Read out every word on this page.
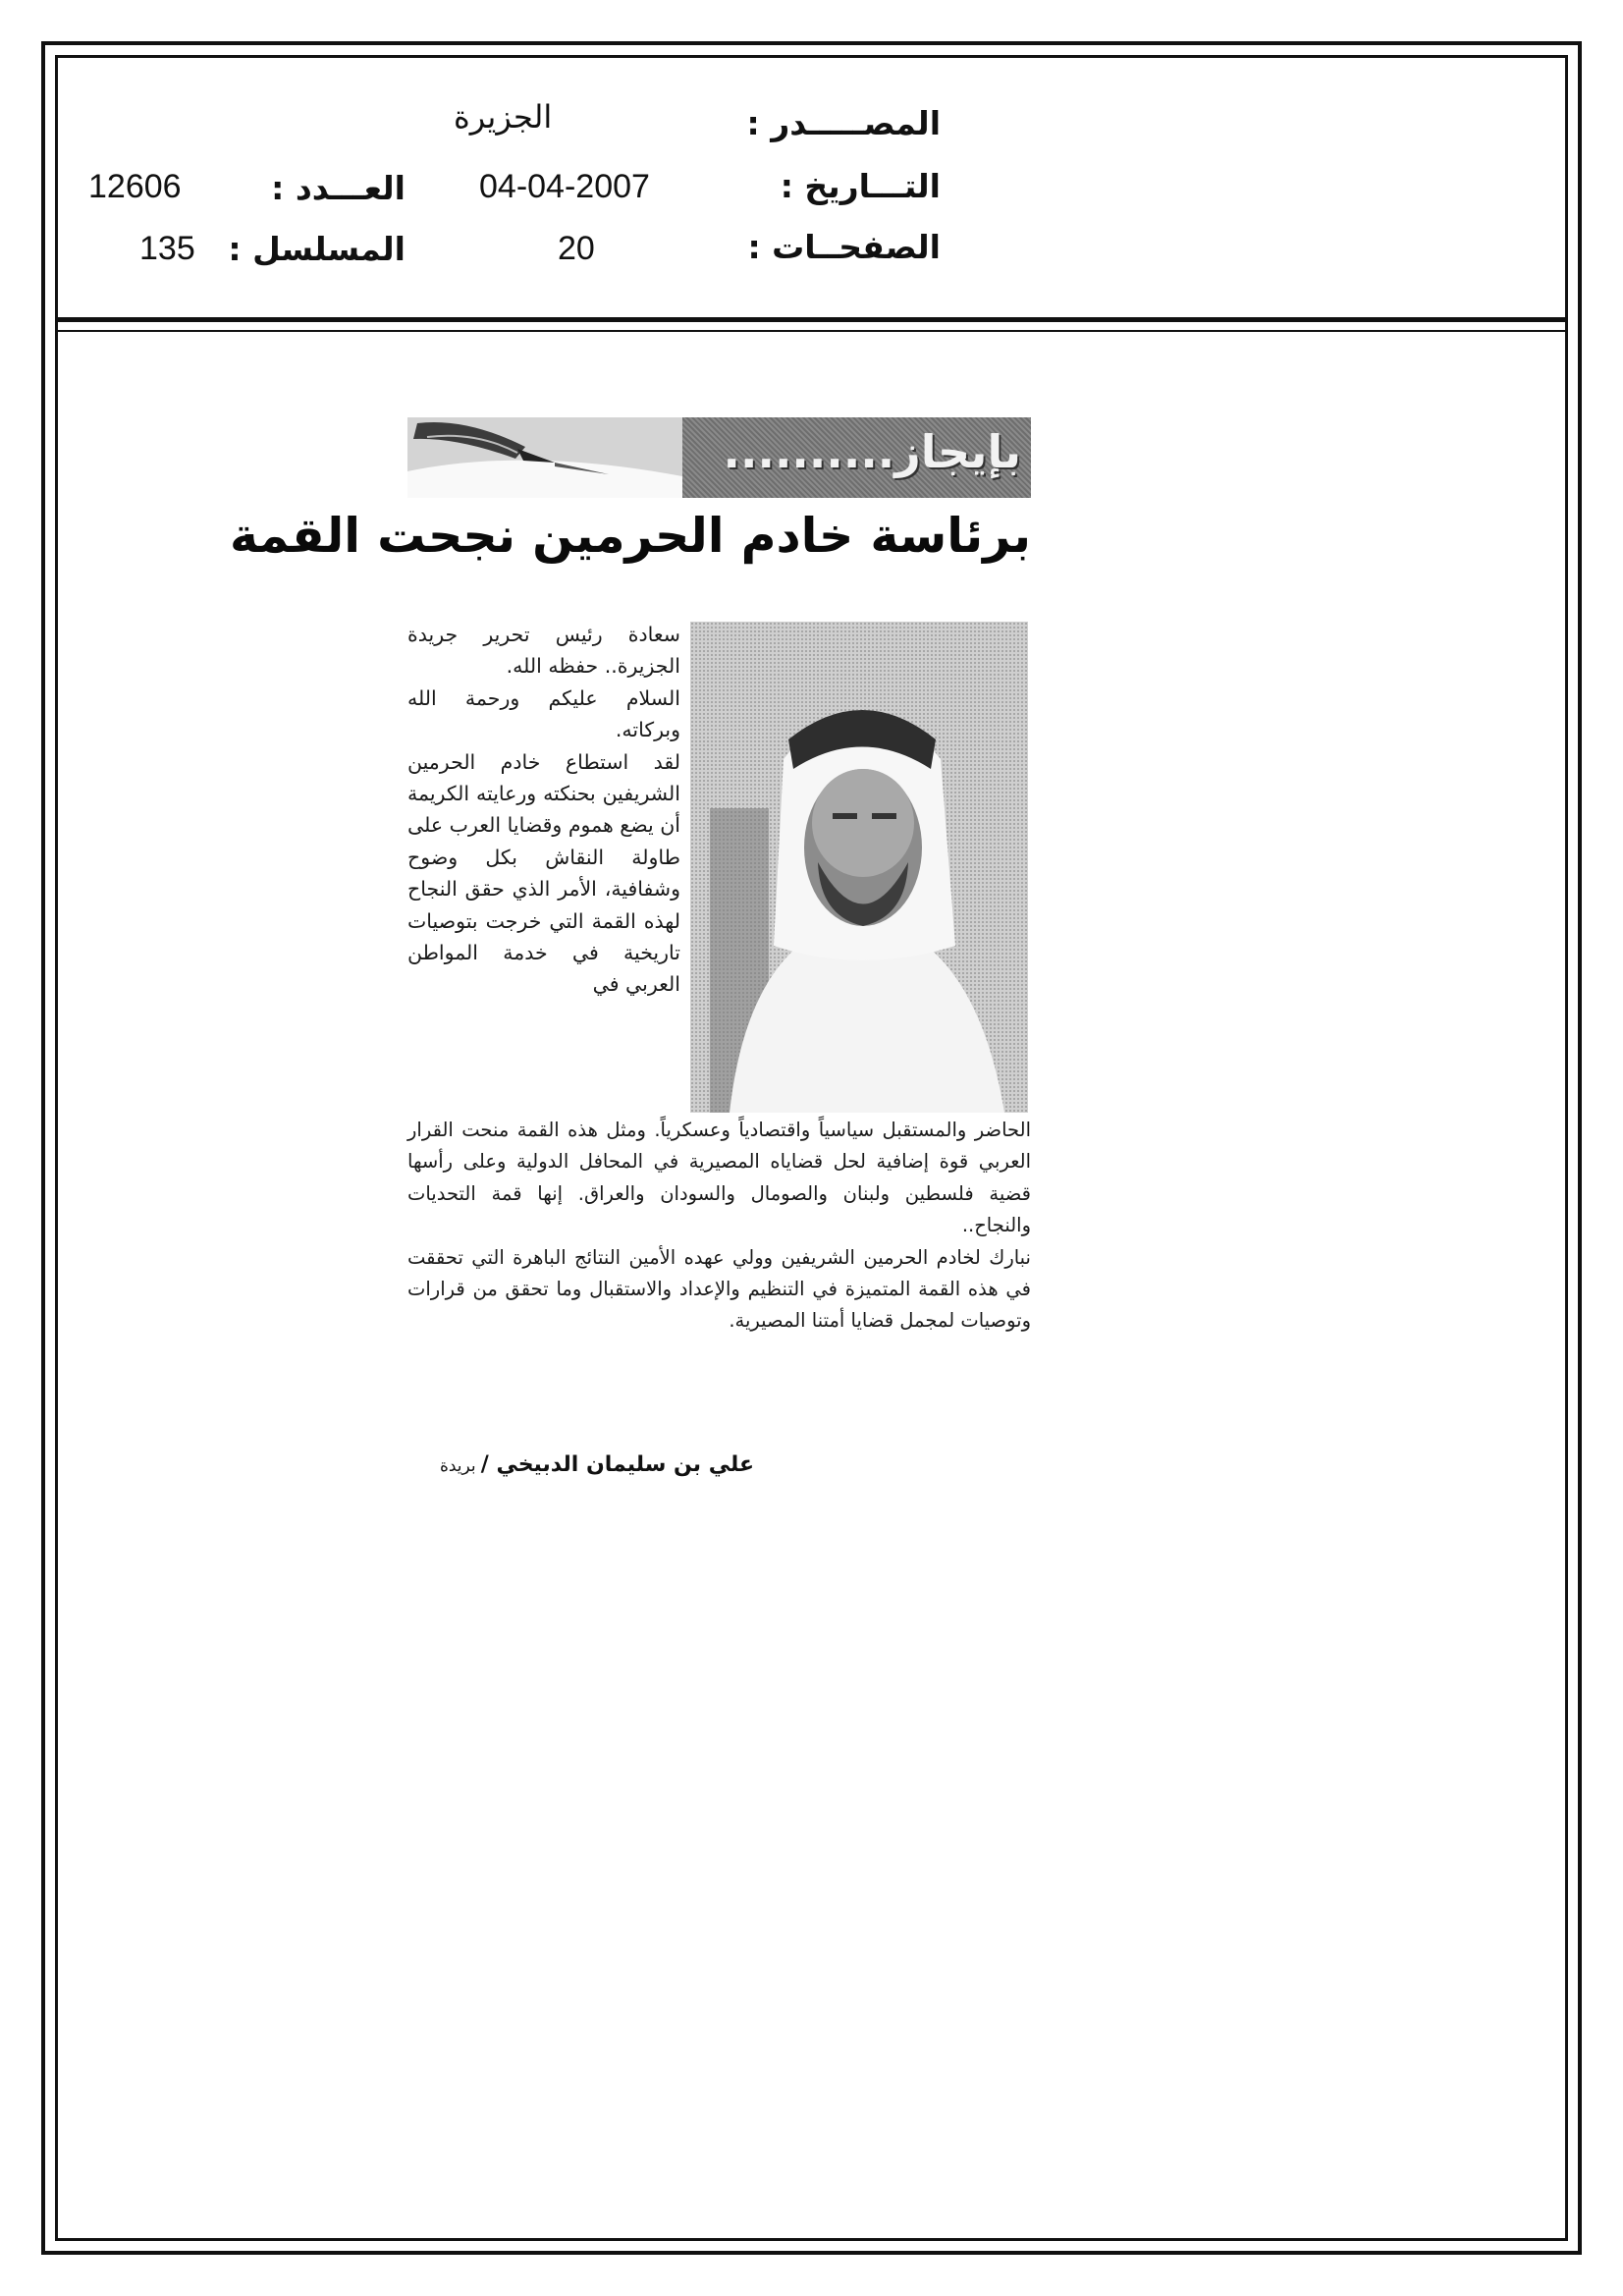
المصـــــدر :
الجزيرة
التـــاريخ :
04-04-2007
العـــدد :
12606
الصفحــات :
20
المسلسل :
135
بإيجاز..........
برئاسة خادم الحرمين نجحت القمة

سعادة رئيس تحرير جريدة الجزيرة.. حفظه الله.

السلام عليكم ورحمة الله وبركاته.

لقد استطاع خادم الحرمين الشريفين بحنكته ورعايته الكريمة أن يضع هموم وقضايا العرب على طاولة النقاش بكل وضوح وشفافية، الأمر الذي حقق النجاح لهذه القمة التي خرجت بتوصيات تاريخية في خدمة المواطن العربي في

الحاضر والمستقبل سياسياً واقتصادياً وعسكرياً. ومثل هذه القمة منحت القرار العربي قوة إضافية لحل قضاياه المصيرية في المحافل الدولية وعلى رأسها قضية فلسطين ولبنان والصومال والسودان والعراق. إنها قمة التحديات والنجاح..

نبارك لخادم الحرمين الشريفين وولي عهده الأمين النتائج الباهرة التي تحققت في هذه القمة المتميزة في التنظيم والإعداد والاستقبال وما تحقق من قرارات وتوصيات لمجمل قضايا أمتنا المصيرية.

علي بن سليمان الدبيخي / بريدة
